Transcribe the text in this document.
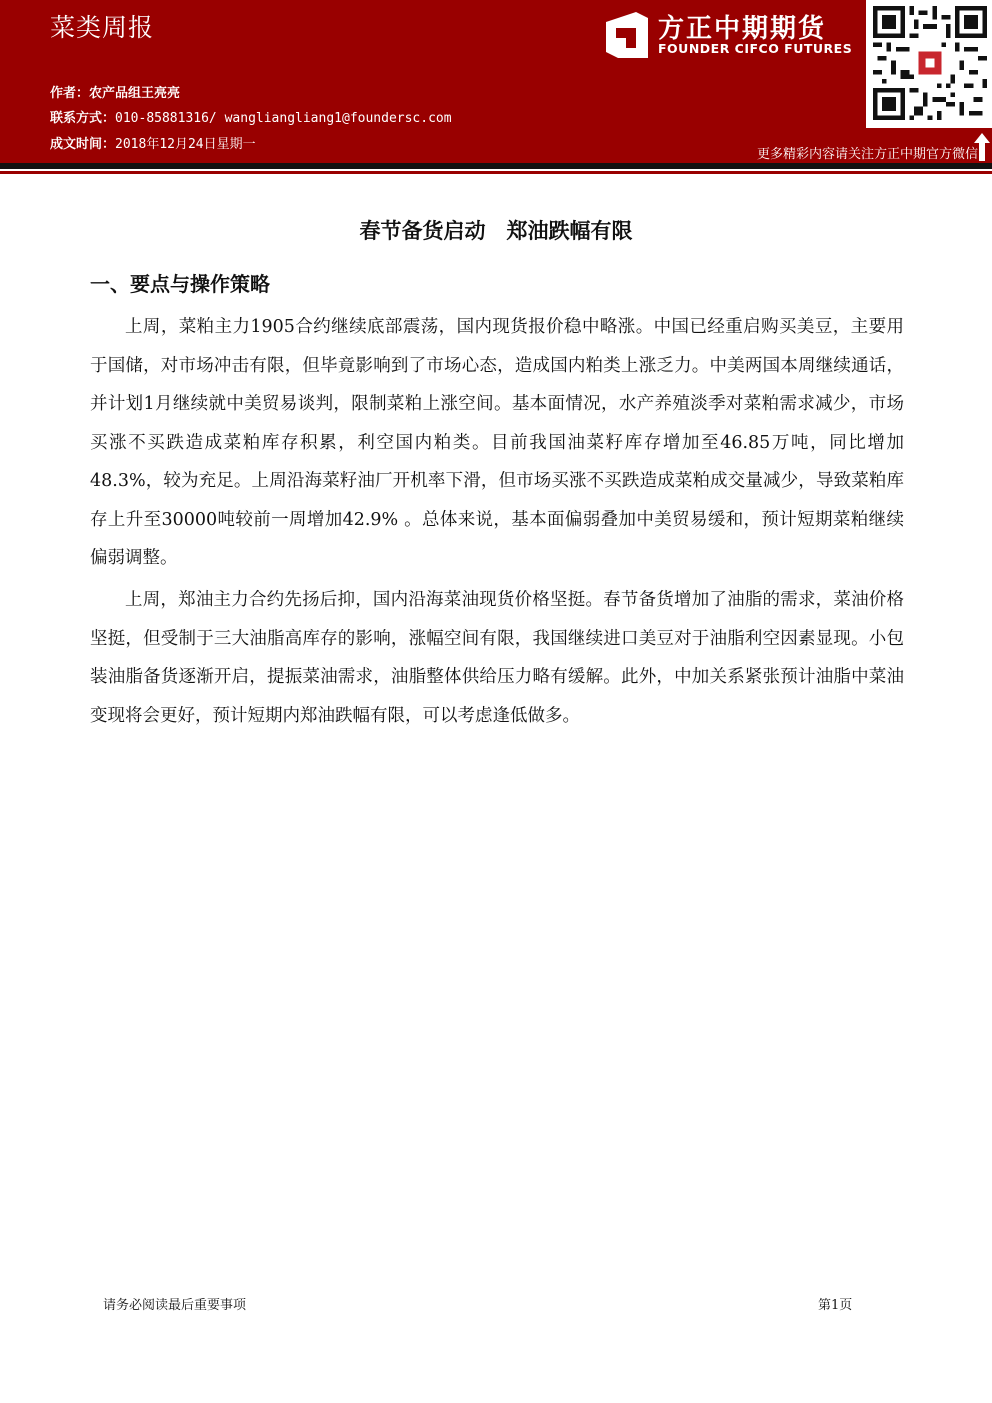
菜类周报
作者：农产品组王亮亮
联系方式：010-85881316/ wangliangliang1@foundersc.com
成文时间：2018年12月24日星期一
方正中期期货
FOUNDER CIFCO FUTURES
更多精彩内容请关注方正中期官方微信
春节备货启动　郑油跌幅有限
一、要点与操作策略

上周，菜粕主力1905合约继续底部震荡，国内现货报价稳中略涨。中国已经重启购买美豆，主要用于国储，对市场冲击有限，但毕竟影响到了市场心态，造成国内粕类上涨乏力。中美两国本周继续通话，并计划1月继续就中美贸易谈判，限制菜粕上涨空间。基本面情况，水产养殖淡季对菜粕需求减少，市场买涨不买跌造成菜粕库存积累，利空国内粕类。目前我国油菜籽库存增加至46.85万吨，同比增加48.3%，较为充足。上周沿海菜籽油厂开机率下滑，但市场买涨不买跌造成菜粕成交量减少，导致菜粕库存上升至30000吨较前一周增加42.9% 。总体来说，基本面偏弱叠加中美贸易缓和，预计短期菜粕继续偏弱调整。

上周，郑油主力合约先扬后抑，国内沿海菜油现货价格坚挺。春节备货增加了油脂的需求，菜油价格坚挺，但受制于三大油脂高库存的影响，涨幅空间有限，我国继续进口美豆对于油脂利空因素显现。小包装油脂备货逐渐开启，提振菜油需求，油脂整体供给压力略有缓解。此外，中加关系紧张预计油脂中菜油变现将会更好，预计短期内郑油跌幅有限，可以考虑逢低做多。

请务必阅读最后重要事项	第1页
